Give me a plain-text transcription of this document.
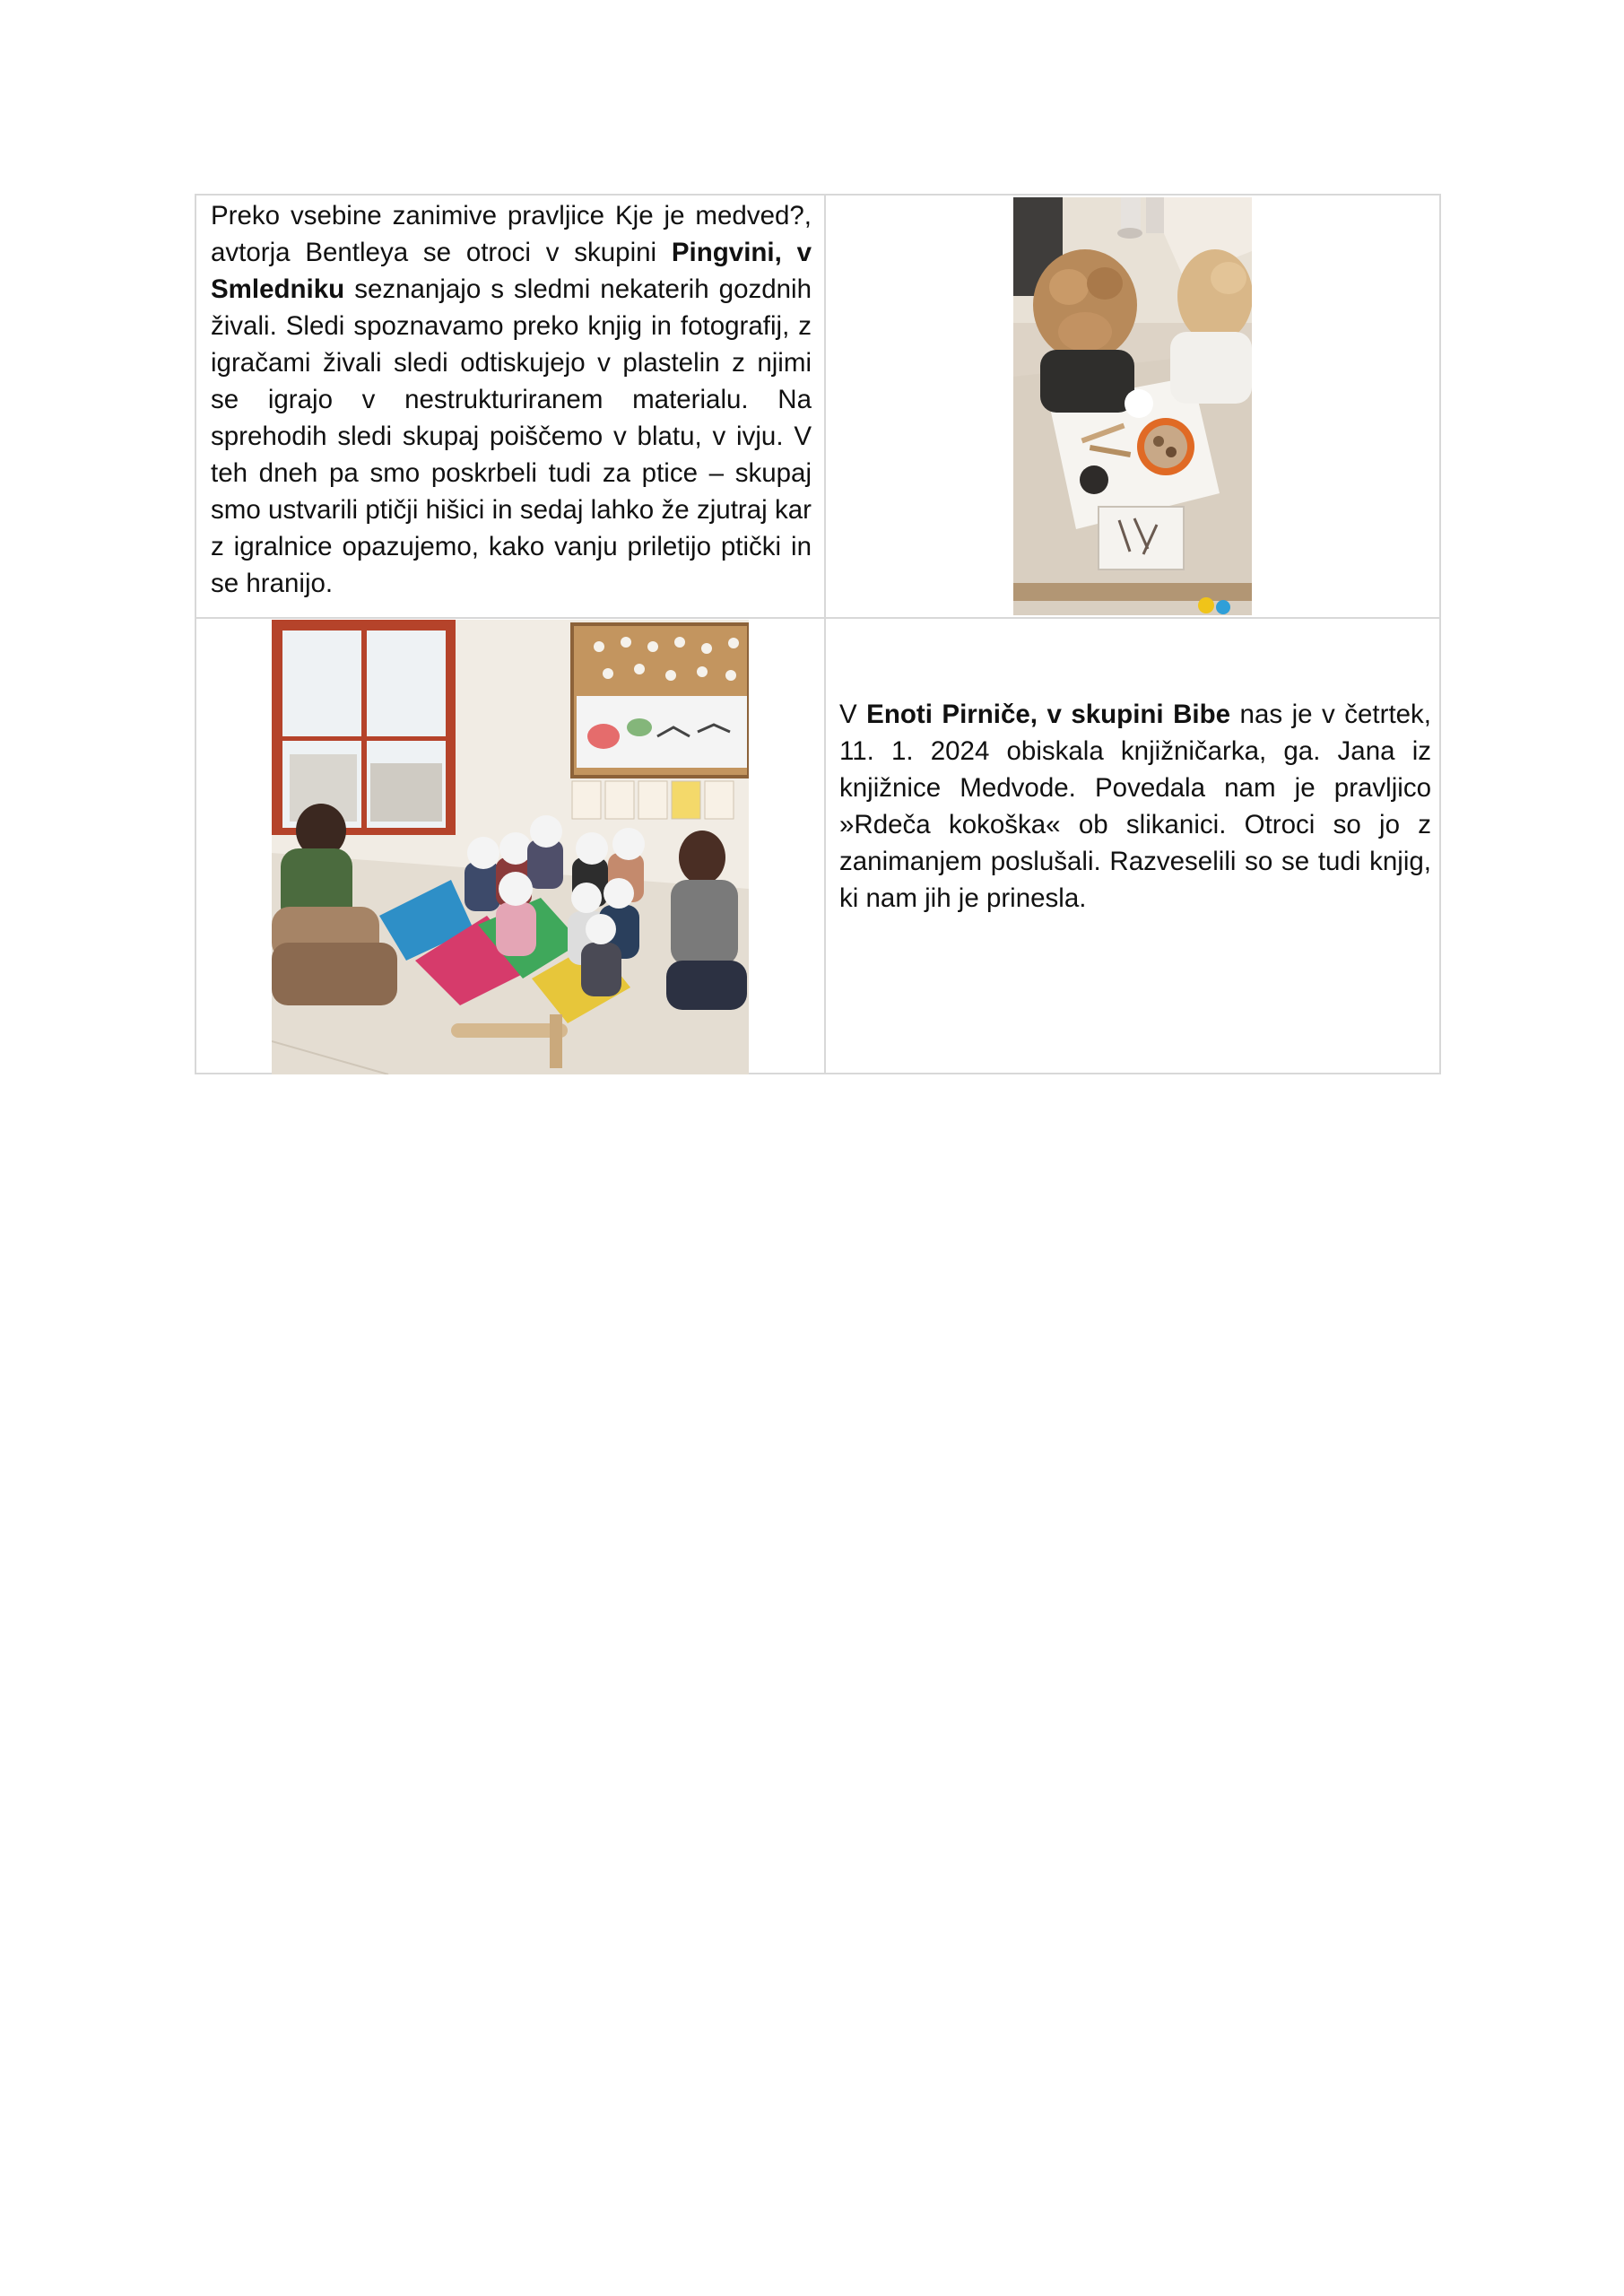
Preko vsebine zanimive pravljice Kje je medved?, avtorja Bentleya se otroci v skupini Pingvini, v Smledniku seznanjajo s sledmi nekaterih gozdnih živali. Sledi spoznavamo preko knjig in fotografij, z igračami živali sledi odtiskujejo v plastelin z njimi se igrajo v nestrukturiranem materialu. Na sprehodih sledi skupaj poiščemo v blatu, v ivju. V teh dneh pa smo poskrbeli tudi za ptice – skupaj smo ustvarili ptičji hišici in sedaj lahko že zjutraj kar z igralnice opazujemo, kako vanju priletijo ptički in se hranijo.

V Enoti Pirniče, v skupini Bibe nas je v četrtek, 11. 1. 2024 obiskala knjižničarka, ga. Jana iz knjižnice Medvode. Povedala nam je pravljico »Rdeča kokoška« ob slikanici. Otroci so jo z zanimanjem poslušali. Razveselili so se tudi knjig, ki nam jih je prinesla.
